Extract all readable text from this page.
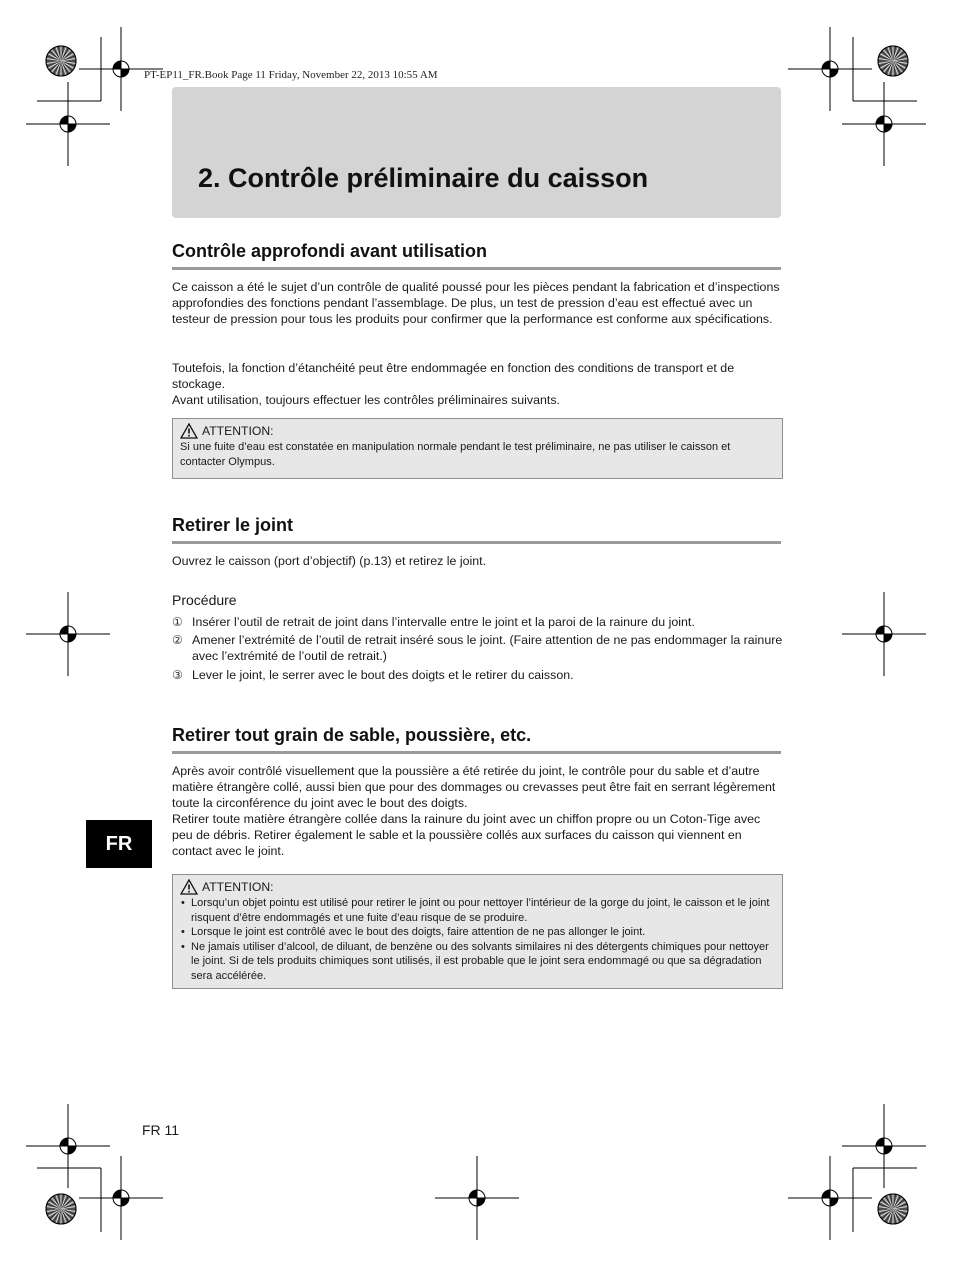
PT-EP11_FR.Book Page 11 Friday, November 22, 2013 10:55 AM
2. Contrôle préliminaire du caisson
Contrôle approfondi avant utilisation

Ce caisson a été le sujet d’un contrôle de qualité poussé pour les pièces pendant la fabrication et d’inspections approfondies des fonctions pendant l’assemblage. De plus, un test de pression d’eau est effectué avec un testeur de pression pour tous les produits pour confirmer que la performance est conforme aux spécifications.

Toutefois, la fonction d’étanchéité peut être endommagée en fonction des conditions de transport et de stockage.

Avant utilisation, toujours effectuer les contrôles préliminaires suivants.

ATTENTION:
Si une fuite d’eau est constatée en manipulation normale pendant le test préliminaire, ne pas utiliser le caisson et contacter Olympus.
Retirer le joint

Ouvrez le caisson (port d’objectif) (p.13) et retirez le joint.

Procédure
① Insérer l’outil de retrait de joint dans l’intervalle entre le joint et la paroi de la rainure du joint.
② Amener l’extrémité de l’outil de retrait inséré sous le joint. (Faire attention de ne pas endommager la rainure avec l’extrémité de l’outil de retrait.)
③ Lever le joint, le serrer avec le bout des doigts et le retirer du caisson.
Retirer tout grain de sable, poussière, etc.

Après avoir contrôlé visuellement que la poussière a été retirée du joint, le contrôle pour du sable et d’autre matière étrangère collé, aussi bien que pour des dommages ou crevasses peut être fait en serrant légèrement toute la circonférence du joint avec le bout des doigts.

Retirer toute matière étrangère collée dans la rainure du joint avec un chiffon propre ou un Coton-Tige avec peu de débris. Retirer également le sable et la poussière collés aux surfaces du caisson qui viennent en contact avec le joint.

ATTENTION:
• Lorsqu’un objet pointu est utilisé pour retirer le joint ou pour nettoyer l’intérieur de la gorge du joint, le caisson et le joint risquent d’être endommagés et une fuite d’eau risque de se produire.
• Lorsque le joint est contrôlé avec le bout des doigts, faire attention de ne pas allonger le joint.
• Ne jamais utiliser d’alcool, de diluant, de benzène ou des solvants similaires ni des détergents chimiques pour nettoyer le joint. Si de tels produits chimiques sont utilisés, il est probable que le joint sera endommagé ou que sa dégradation sera accélérée.
FR
FR 11
